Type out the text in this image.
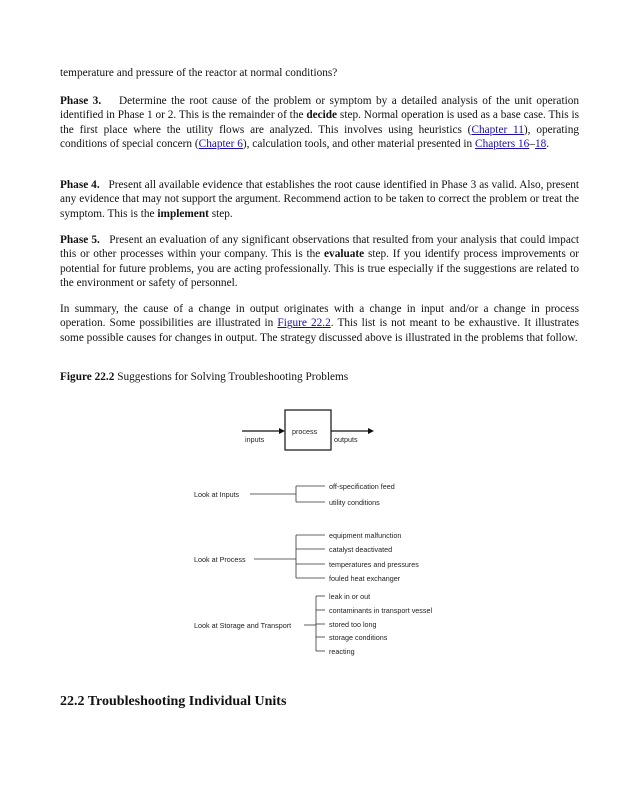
temperature and pressure of the reactor at normal conditions?

Phase 3. Determine the root cause of the problem or symptom by a detailed analysis of the unit operation identified in Phase 1 or 2. This is the remainder of the decide step. Normal operation is used as a base case. This is the first place where the utility flows are analyzed. This involves using heuristics (Chapter 11), operating conditions of special concern (Chapter 6), calculation tools, and other material presented in Chapters 16–18.

Phase 4. Present all available evidence that establishes the root cause identified in Phase 3 as valid. Also, present any evidence that may not support the argument. Recommend action to be taken to correct the problem or treat the symptom. This is the implement step.

Phase 5. Present an evaluation of any significant observations that resulted from your analysis that could impact this or other processes within your company. This is the evaluate step. If you identify process improvements or potential for future problems, you are acting professionally. This is true especially if the suggestions are related to the environment or safety of personnel.

In summary, the cause of a change in output originates with a change in input and/or a change in process operation. Some possibilities are illustrated in Figure 22.2. This list is not meant to be exhaustive. It illustrates some possible causes for changes in output. The strategy discussed above is illustrated in the problems that follow.

Figure 22.2 Suggestions for Solving Troubleshooting Problems

22.2 Troubleshooting Individual Units
process
inputs	outputs
Look at Inputs
off-specification feed
utility conditions
Look at Process
equipment malfunction
catalyst deactivated
temperatures and pressures
fouled heat exchanger
Look at Storage and Transport
leak in or out
contaminants in transport vessel
stored too long
storage conditions
reacting
